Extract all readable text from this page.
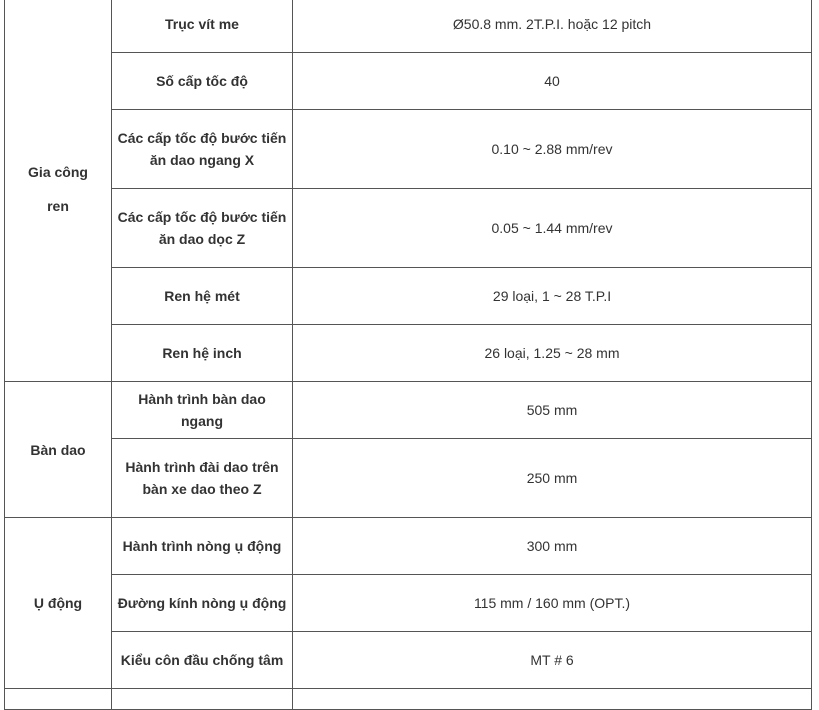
Gia công ren	Trục vít me	Ø50.8 mm. 2T.P.I. hoặc 12 pitch
	Số cấp tốc độ	40
	Các cấp tốc độ bước tiến ăn dao ngang X	0.10 ~ 2.88 mm/rev
	Các cấp tốc độ bước tiến ăn dao dọc Z	0.05 ~ 1.44 mm/rev
	Ren hệ mét	29 loại, 1 ~ 28 T.P.I
	Ren hệ inch	26 loại, 1.25 ~ 28 mm
Bàn dao	Hành trình bàn dao ngang	505 mm
	Hành trình đài dao trên bàn xe dao theo Z	250 mm
Ụ động	Hành trình nòng ụ động	300 mm
	Đường kính nòng ụ động	115 mm / 160 mm (OPT.)
	Kiểu côn đầu chống tâm	MT # 6
